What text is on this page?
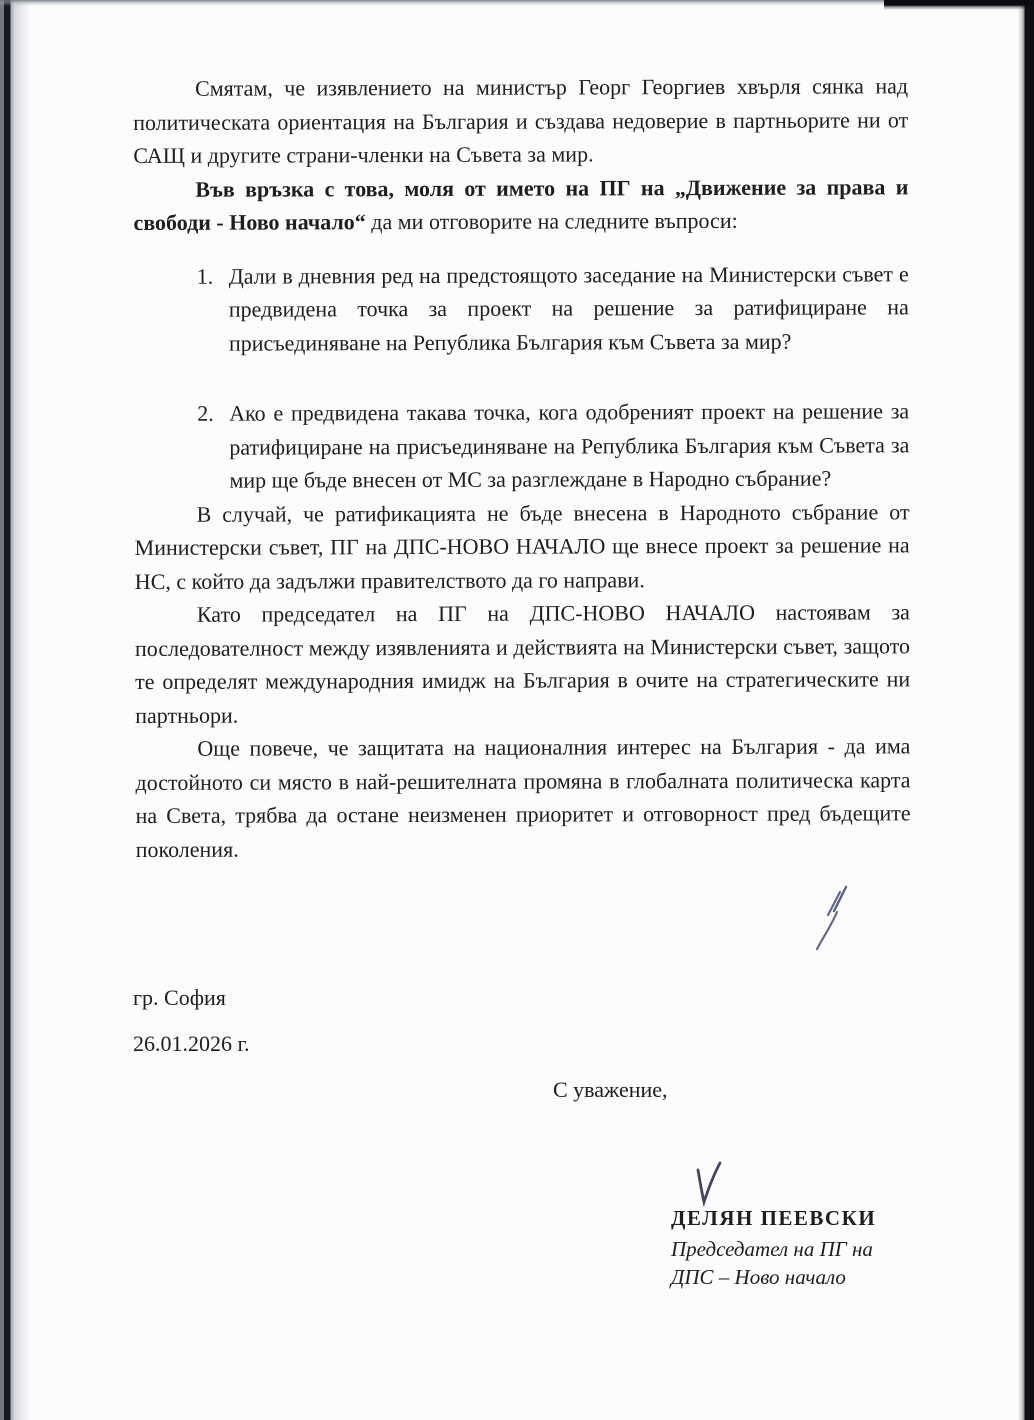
Смятам, че изявлението на министър Георг Георгиев хвърля сянка над политическата ориентация на България и създава недоверие в партньорите ни от САЩ и другите страни-членки на Съвета за мир.

Във връзка с това, моля от името на ПГ на „Движение за права и свободи - Ново начало“ да ми отговорите на следните въпроси:

1. Дали в дневния ред на предстоящото заседание на Министерски съвет е предвидена точка за проект на решение за ратифициране на присъединяване на Република България към Съвета за мир?
2. Ако е предвидена такава точка, кога одобреният проект на решение за ратифициране на присъединяване на Република България към Съвета за мир ще бъде внесен от МС за разглеждане в Народно събрание?

В случай, че ратификацията не бъде внесена в Народното събрание от Министерски съвет, ПГ на ДПС-НОВО НАЧАЛО ще внесе проект за решение на НС, с който да задължи правителството да го направи.

Като председател на ПГ на ДПС-НОВО НАЧАЛО настоявам за последователност между изявленията и действията на Министерски съвет, защото те определят международния имидж на България в очите на стратегическите ни партньори.

Още повече, че защитата на националния интерес на България - да има достойното си място в най-решителната промяна в глобалната политическа карта на Света, трябва да остане неизменен приоритет и отговорност пред бъдещите поколения.

гр. София
26.01.2026 г.
С уважение,
ДЕЛЯН ПЕЕВСКИ
Председател на ПГ на
ДПС – Ново начало
